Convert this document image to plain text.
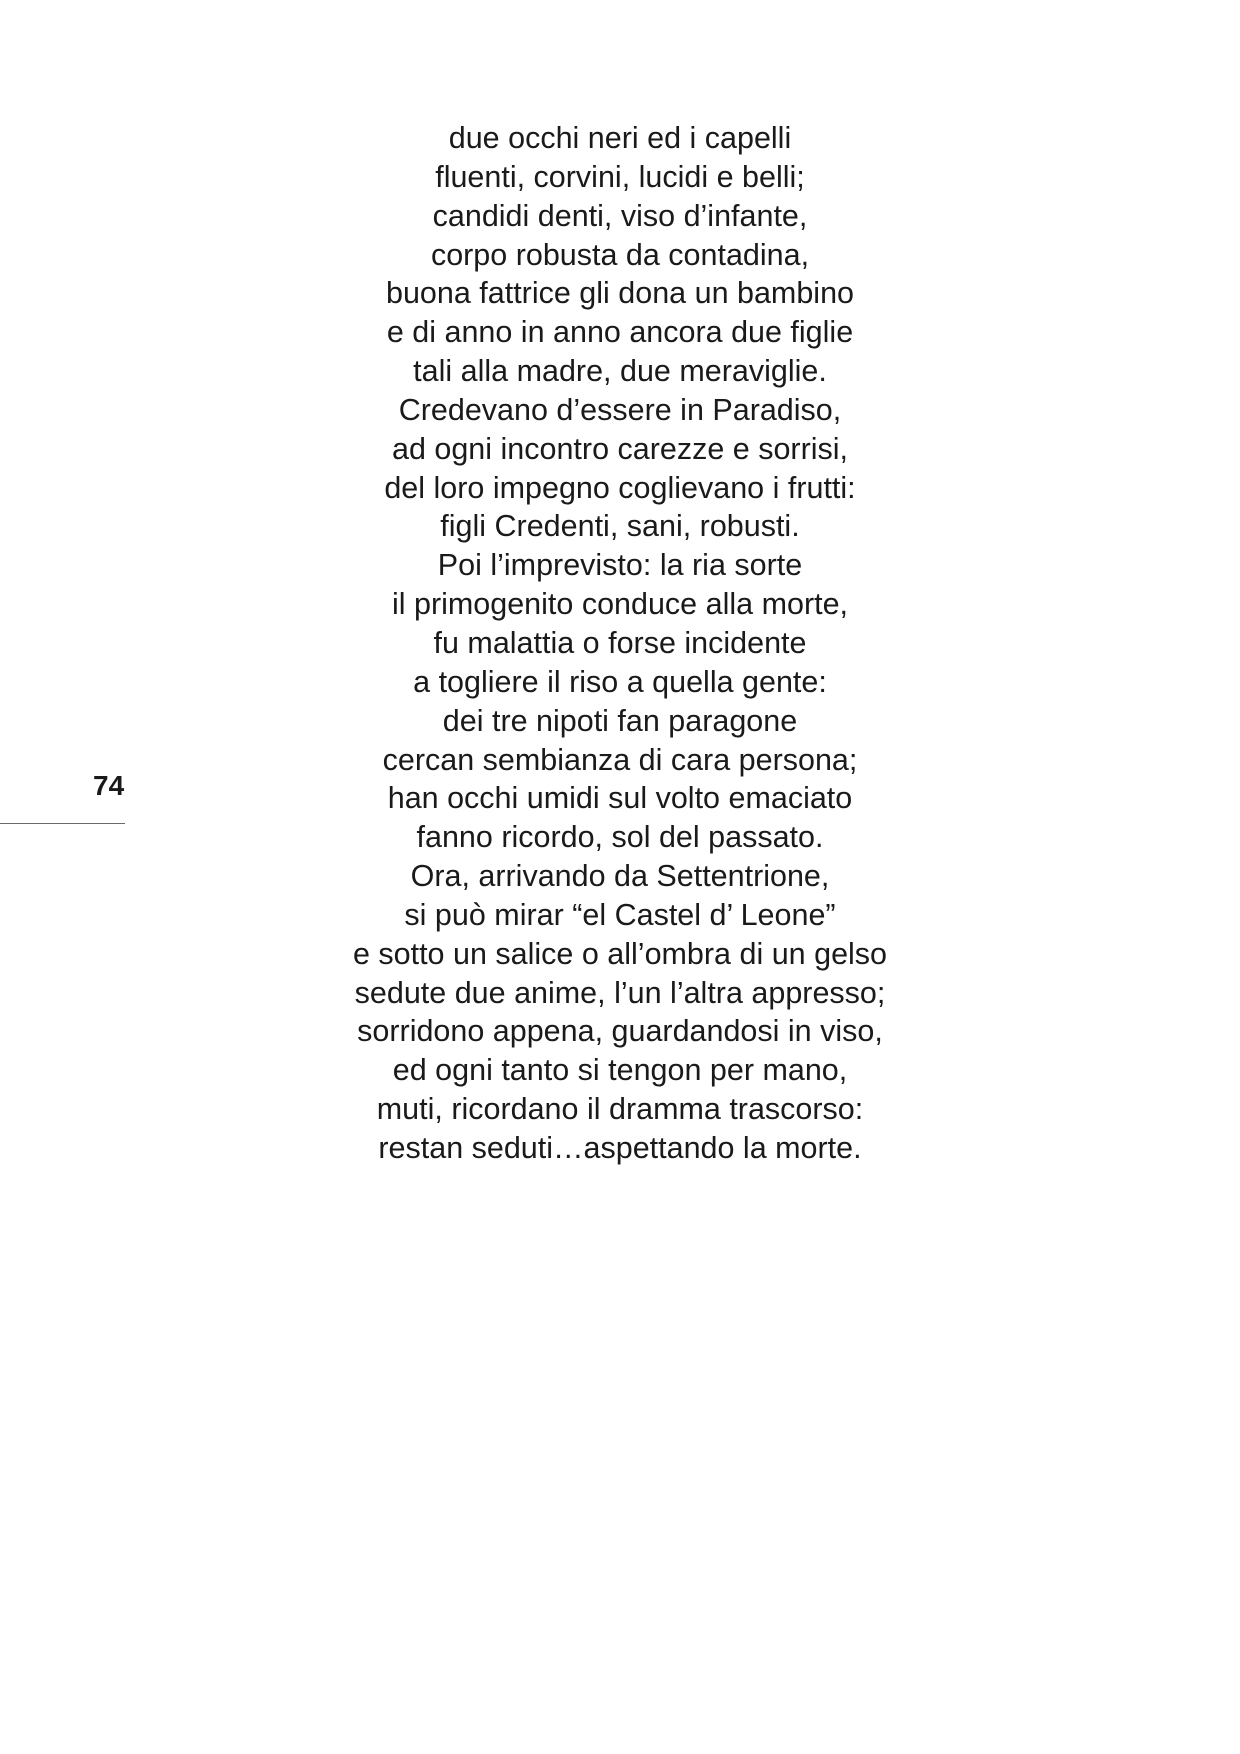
due occhi neri ed i capelli
fluenti, corvini, lucidi e belli;
candidi denti, viso d’infante,
corpo robusta da contadina,
buona fattrice gli dona un bambino
e di anno in anno ancora due figlie
tali alla madre, due meraviglie.
Credevano d’essere in Paradiso,
ad ogni incontro carezze e sorrisi,
del loro impegno coglievano i frutti:
figli Credenti, sani, robusti.
Poi l’imprevisto: la ria sorte
il primogenito conduce alla morte,
fu malattia o forse incidente
a togliere il riso a quella gente:
dei tre nipoti fan paragone
cercan sembianza di cara persona;
han occhi umidi sul volto emaciato
fanno ricordo, sol del passato.
Ora, arrivando da Settentrione,
si può mirar “el Castel d’ Leone”
e sotto un salice o all’ombra di un gelso
sedute due anime, l’un l’altra appresso;
sorridono appena, guardandosi in viso,
ed ogni tanto si tengon per mano,
muti, ricordano il dramma trascorso:
restan seduti…aspettando la morte.
74
